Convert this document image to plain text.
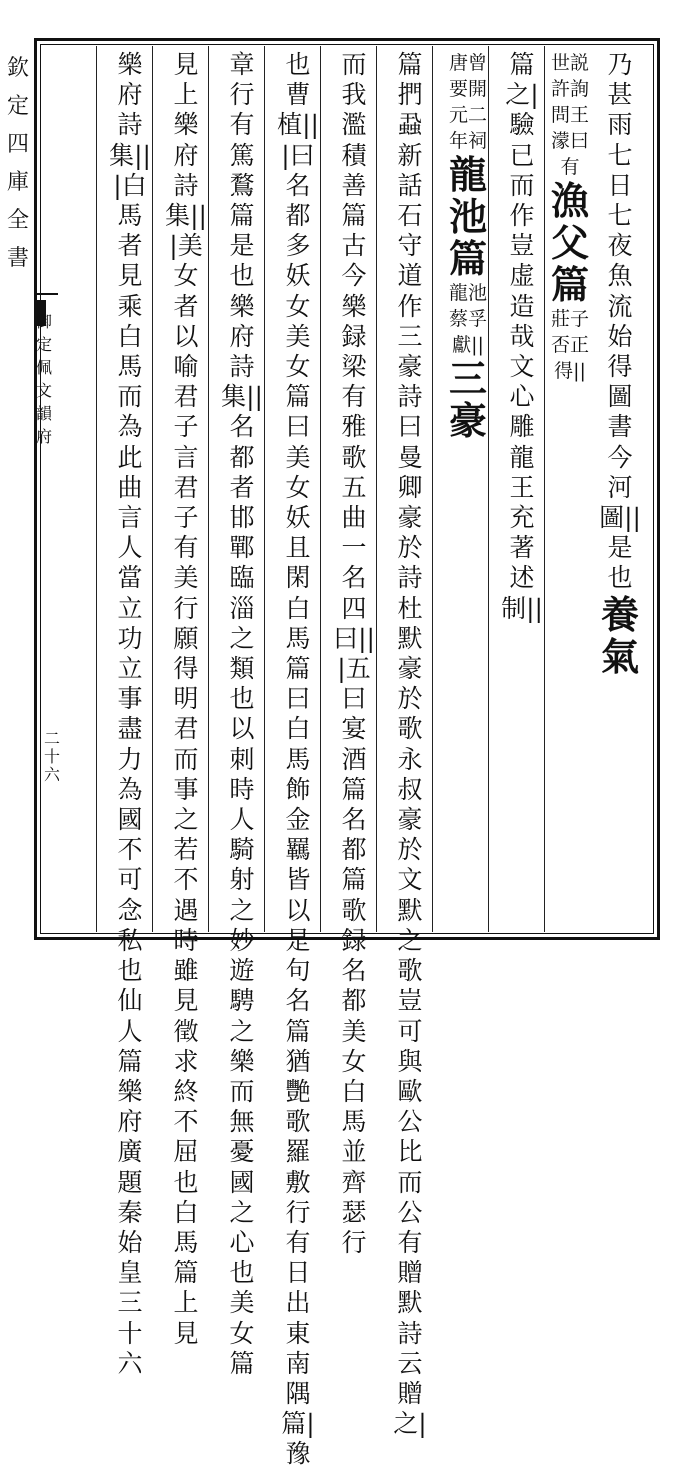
欽定四庫全書
御定佩文韻府
二十六
乃甚雨七日七夜魚流始得圖書今河圖||是也
養氣
世説許詢問王濛曰有
漁父篇
莊子否正得||
篇之|驗已而作豈虚造哉 文心雕龍王充著述制||
唐曾要開元二年祠
龍池篇
龍池蔡孚獻||
三豪
篇 捫蝨新話石守道作三豪詩曰曼卿豪於詩杜默豪於歌永叔豪於文默之歌豈可與歐公比而公有贈默詩云贈之|
而我濫 積善篇 古今樂録梁有雅歌五曲一名 四曰|||五曰宴酒篇 名都篇 歌録名都美女白馬並齊瑟行
也曹植|||曰名都多妖女美女篇曰美女妖且閑白馬篇曰白馬飾金羈皆以是句名篇猶艷歌羅敷行有日出東南隅篇|豫
章行有篤鶩篇是也樂府詩集||名都者邯鄲臨淄之類也以刺時人騎射之妙遊騁之樂而無憂國之心也 美女篇
見上樂府詩集|||美女者以喻君子言君子有美行願得明君而事之若不遇時雖見徵求終不屈也 白馬篇 上見
樂府詩集|||白馬者見乘白馬而為此曲言人當立功立事盡力為國不可念私也 仙人篇 樂府廣題秦始皇三十六
